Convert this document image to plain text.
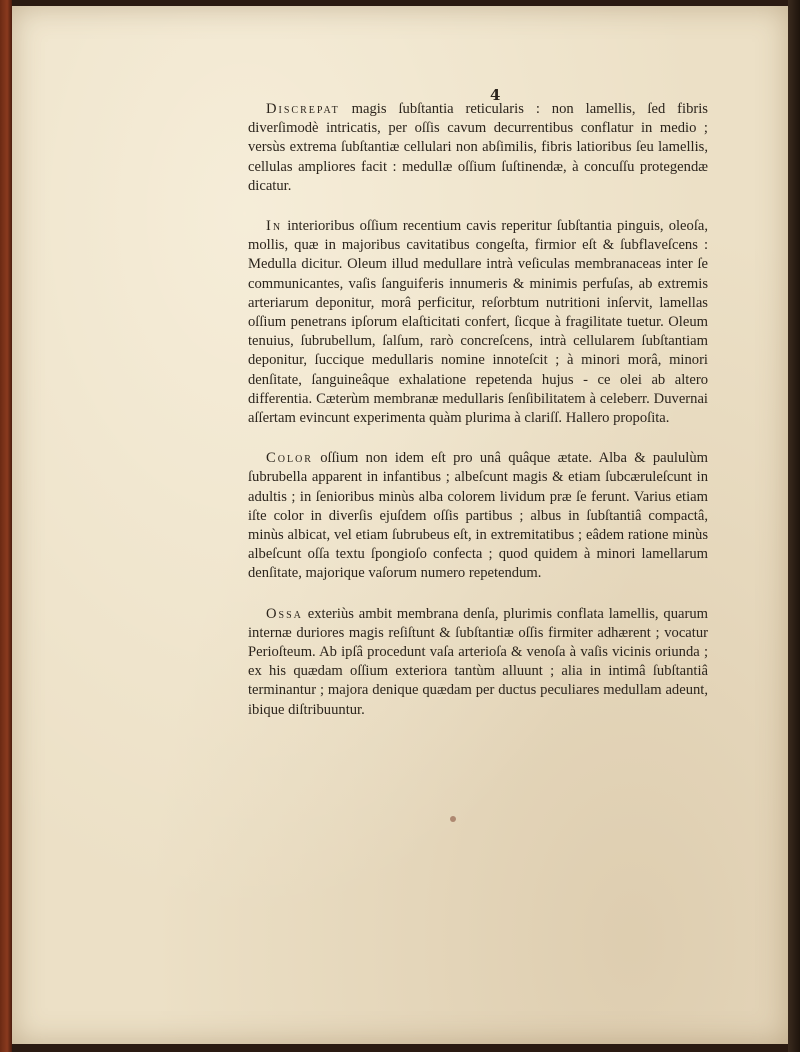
4

Discrepat magis ſubſtantia reticularis : non lamellis, ſed fibris diverſimodè intricatis, per oſſis cavum decurrentibus conflatur in medio ; versùs extrema ſubſtantiæ cellulari non abſimilis, fibris latioribus ſeu lamellis, cellulas ampliores facit : medullæ oſſium ſuſtinendæ, à concuſſu protegendæ dicatur.

In interioribus oſſium recentium cavis reperitur ſubſtantia pinguis, oleoſa, mollis, quæ in majoribus cavitatibus congeſta, firmior eſt & ſubflaveſcens : Medulla dicitur. Oleum illud medullare intrà veſiculas membranaceas inter ſe communicantes, vaſis ſanguiferis innumeris & minimis perfuſas, ab extremis arteriarum deponitur, morâ perficitur, reſorbtum nutritioni inſervit, lamellas oſſium penetrans ipſorum elaſticitati confert, ſicque à fragilitate tuetur. Oleum tenuius, ſubrubellum, ſalſum, rarò concreſcens, intrà cellularem ſubſtantiam deponitur, ſuccique medullaris nomine innoteſcit ; à minori morâ, minori denſitate, ſanguineâque exhalatione repetenda hujus - ce olei ab altero differentia. Cæterùm membranæ medullaris ſenſibilitatem à celeberr. Duvernai aſſertam evincunt experimenta quàm plurima à clariſſ. Hallero propoſita.

Color oſſium non idem eſt pro unâ quâque ætate. Alba & paululùm ſubrubella apparent in infantibus ; albeſcunt magis & etiam ſubcæruleſcunt in adultis ; in ſenioribus minùs alba colorem lividum præ ſe ferunt. Varius etiam iſte color in diverſis ejuſdem oſſis partibus ; albus in ſubſtantiâ compactâ, minùs albicat, vel etiam ſubrubeus eſt, in extremitatibus ; eâdem ratione minùs albeſcunt oſſa textu ſpongioſo confecta ; quod quidem à minori lamellarum denſitate, majorique vaſorum numero repetendum.

Ossa exteriùs ambit membrana denſa, plurimis conflata lamellis, quarum internæ duriores magis reſiſtunt & ſubſtantiæ oſſis firmiter adhærent ; vocatur Perioſteum. Ab ipſâ procedunt vaſa arterioſa & venoſa à vaſis vicinis oriunda ; ex his quædam oſſium exteriora tantùm alluunt ; alia in intimâ ſubſtantiâ terminantur ; majora denique quædam per ductus peculiares medullam adeunt, ibique diſtribuuntur.
